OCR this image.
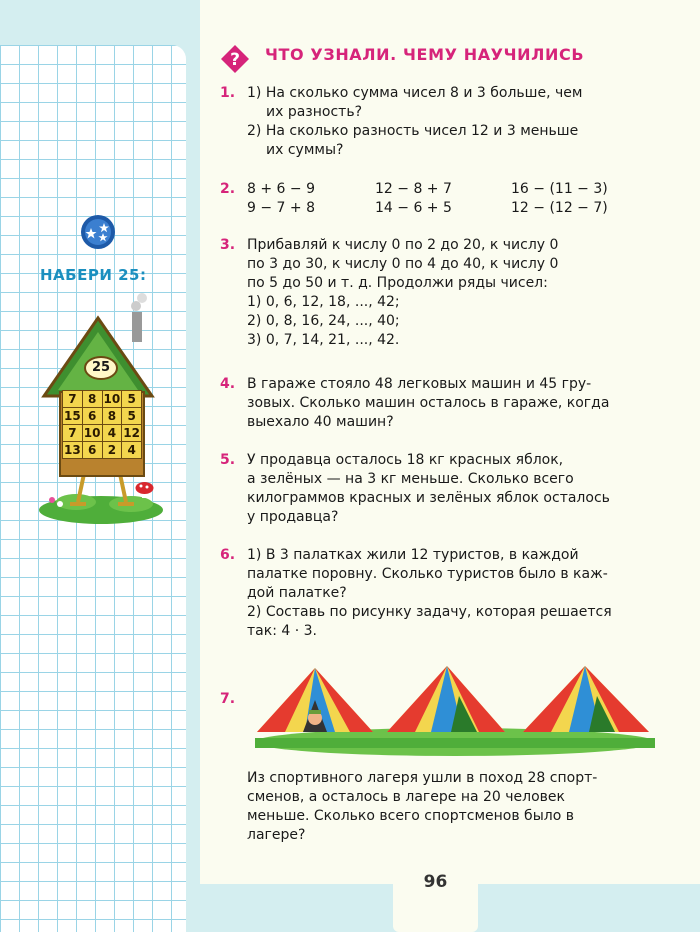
НАБЕРИ 25:
25
7	8	10	5
15	6	8	5
7	10	4	12
13	6	2	4
96
? ЧТО УЗНАЛИ. ЧЕМУ НАУЧИЛИСЬ
1. 1) На сколько сумма чисел 8 и 3 больше, чем
их разность?
2) На сколько разность чисел 12 и 3 меньше
их суммы?
2. 8 + 6 − 9	12 − 8 + 7	16 − (11 − 3)
9 − 7 + 8	14 − 6 + 5	12 − (12 − 7)
3. Прибавляй к числу 0 по 2 до 20, к числу 0
по 3 до 30, к числу 0 по 4 до 40, к числу 0
по 5 до 50 и т. д. Продолжи ряды чисел:
1) 0, 6, 12, 18, ..., 42;
2) 0, 8, 16, 24, ..., 40;
3) 0, 7, 14, 21, ..., 42.
4. В гараже стояло 48 легковых машин и 45 гру-
зовых. Сколько машин осталось в гараже, когда
выехало 40 машин?
5. У продавца осталось 18 кг красных яблок,
а зелёных — на 3 кг меньше. Сколько всего
килограммов красных и зелёных яблок осталось
у продавца?
6. 1) В 3 палатках жили 12 туристов, в каждой
палатке поровну. Сколько туристов было в каж-
дой палатке?
2) Составь по рисунку задачу, которая решается
так: 4 · 3.
7.
Из спортивного лагеря ушли в поход 28 спорт-
сменов, а осталось в лагере на 20 человек
меньше. Сколько всего спортсменов было в
лагере?
